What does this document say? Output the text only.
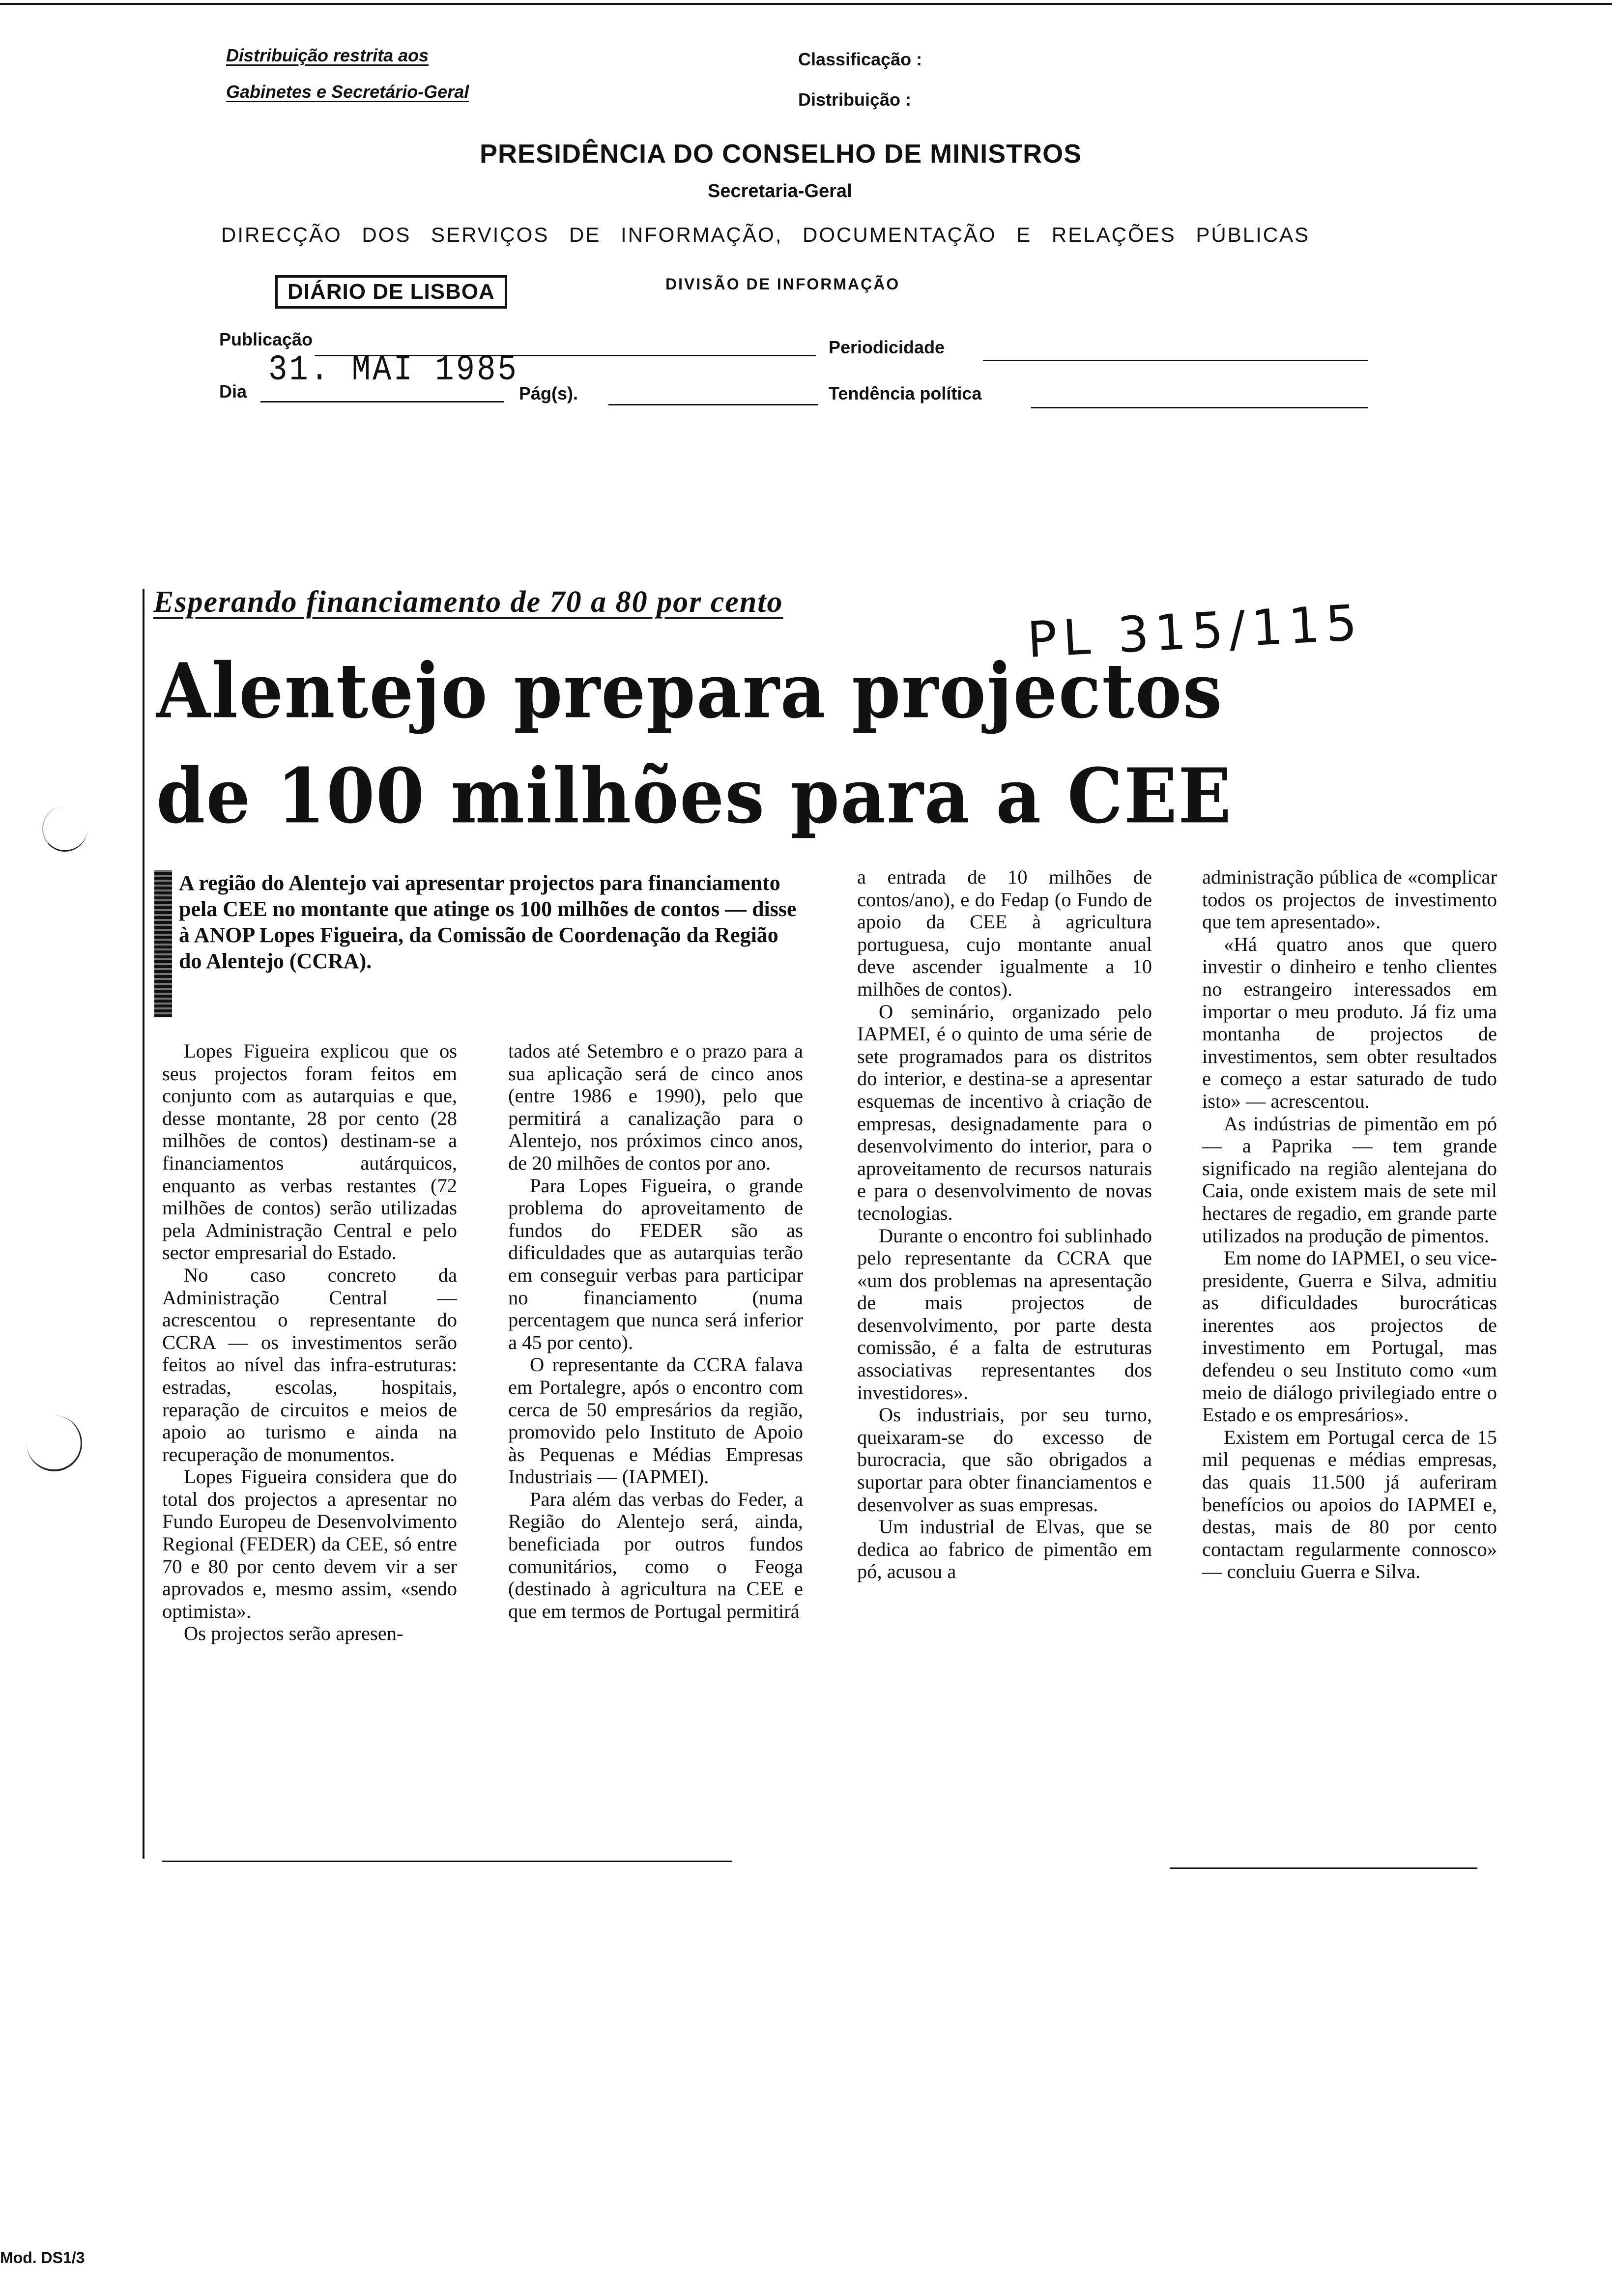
Distribuição restrita aos
Gabinetes e Secretário-Geral
Classificação :
Distribuição :
PRESIDÊNCIA DO CONSELHO DE MINISTROS
Secretaria-Geral
DIRECÇÃO DOS SERVIÇOS DE INFORMAÇÃO, DOCUMENTAÇÃO E RELAÇÕES PÚBLICAS
DIÁRIO DE LISBOA	DIVISÃO DE INFORMAÇÃO
Publicação
31. MAI 1985
Periodicidade
Dia	Pág(s).	Tendência política
Esperando financiamento de 70 a 80 por cento	PL 315/115
Alentejo prepara projectos
de 100 milhões para a CEE
A região do Alentejo vai apresentar projectos para financiamento pela CEE no montante que atinge os 100 milhões de contos — disse à ANOP Lopes Figueira, da Comissão de Coordenação da Região do Alentejo (CCRA).

Lopes Figueira explicou que os seus projectos foram feitos em conjunto com as autarquias e que, desse montante, 28 por cento (28 milhões de contos) destinam-se a financiamentos autárquicos, enquanto as verbas restantes (72 milhões de contos) serão utilizadas pela Administração Central e pelo sector empresarial do Estado.

No caso concreto da Administração Central — acrescentou o representante do CCRA — os investimentos serão feitos ao nível das infra-estruturas: estradas, escolas, hospitais, reparação de circuitos e meios de apoio ao turismo e ainda na recuperação de monumentos.

Lopes Figueira considera que do total dos projectos a apresentar no Fundo Europeu de Desenvolvimento Regional (FEDER) da CEE, só entre 70 e 80 por cento devem vir a ser aprovados e, mesmo assim, «sendo optimista».

Os projectos serão apresen-

tados até Setembro e o prazo para a sua aplicação será de cinco anos (entre 1986 e 1990), pelo que permitirá a canalização para o Alentejo, nos próximos cinco anos, de 20 milhões de contos por ano.

Para Lopes Figueira, o grande problema do aproveitamento de fundos do FEDER são as dificuldades que as autarquias terão em conseguir verbas para participar no financiamento (numa percentagem que nunca será inferior a 45 por cento).

O representante da CCRA falava em Portalegre, após o encontro com cerca de 50 empresários da região, promovido pelo Instituto de Apoio às Pequenas e Médias Empresas Industriais — (IAPMEI).

Para além das verbas do Feder, a Região do Alentejo será, ainda, beneficiada por outros fundos comunitários, como o Feoga (destinado à agricultura na CEE e que em termos de Portugal permitirá

a entrada de 10 milhões de contos/ano), e do Fedap (o Fundo de apoio da CEE à agricultura portuguesa, cujo montante anual deve ascender igualmente a 10 milhões de contos).

O seminário, organizado pelo IAPMEI, é o quinto de uma série de sete programados para os distritos do interior, e destina-se a apresentar esquemas de incentivo à criação de empresas, designadamente para o desenvolvimento do interior, para o aproveitamento de recursos naturais e para o desenvolvimento de novas tecnologias.

Durante o encontro foi sublinhado pelo representante da CCRA que «um dos problemas na apresentação de mais projectos de desenvolvimento, por parte desta comissão, é a falta de estruturas associativas representantes dos investidores».

Os industriais, por seu turno, queixaram-se do excesso de burocracia, que são obrigados a suportar para obter financiamentos e desenvolver as suas empresas.

Um industrial de Elvas, que se dedica ao fabrico de pimentão em pó, acusou a

administração pública de «complicar todos os projectos de investimento que tem apresentado».

«Há quatro anos que quero investir o dinheiro e tenho clientes no estrangeiro interessados em importar o meu produto. Já fiz uma montanha de projectos de investimentos, sem obter resultados e começo a estar saturado de tudo isto» — acrescentou.

As indústrias de pimentão em pó — a Paprika — tem grande significado na região alentejana do Caia, onde existem mais de sete mil hectares de regadio, em grande parte utilizados na produção de pimentos.

Em nome do IAPMEI, o seu vice-presidente, Guerra e Silva, admitiu as dificuldades burocráticas inerentes aos projectos de investimento em Portugal, mas defendeu o seu Instituto como «um meio de diálogo privilegiado entre o Estado e os empresários».

Existem em Portugal cerca de 15 mil pequenas e médias empresas, das quais 11.500 já auferiram benefícios ou apoios do IAPMEI e, destas, mais de 80 por cento contactam regularmente connosco» — concluiu Guerra e Silva.

Mod. DS1/3
